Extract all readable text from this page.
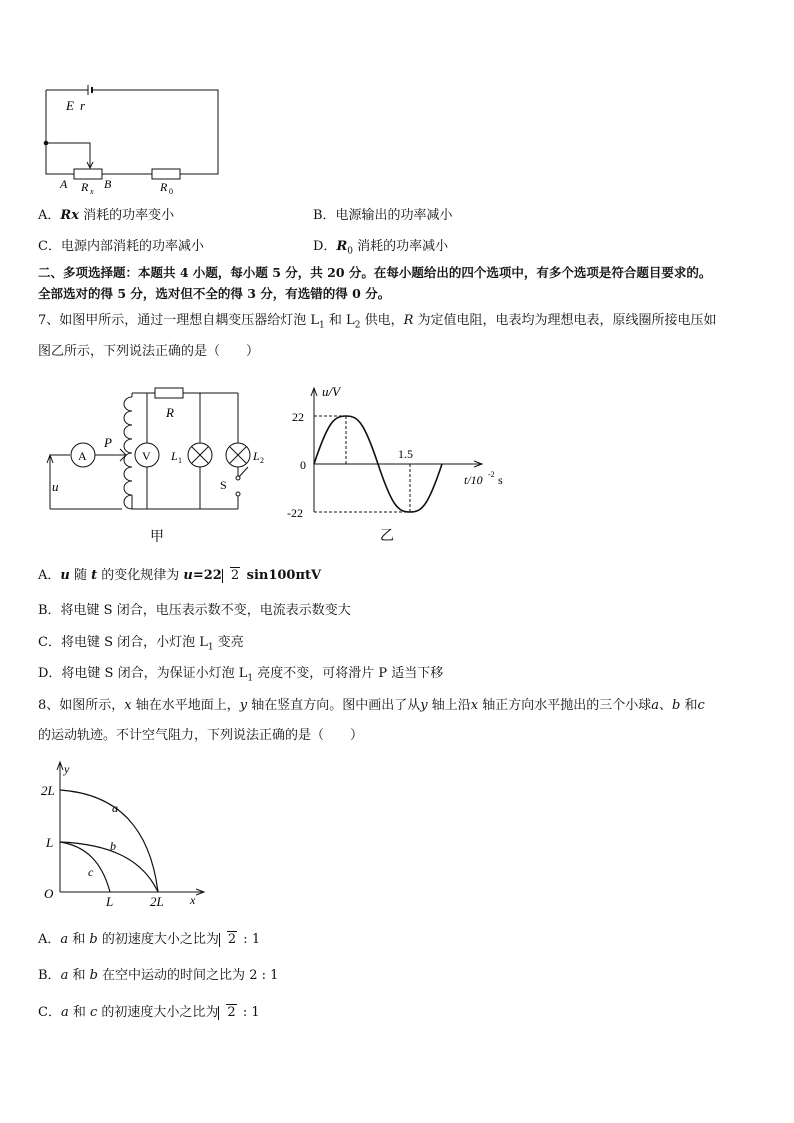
E r
A	B
R x	R 0
A．Rx 消耗的功率变小	B．电源输出的功率减小
C．电源内部消耗的功率减小	D．$R_0$ 消耗的功率减小
二、多项选择题：本题共 4 小题，每小题 5 分，共 20 分。在每小题给出的四个选项中，有多个选项是符合题目要求的。
全部选对的得 5 分，选对但不全的得 3 分，有选错的得 0 分。
7、如图甲所示，通过一理想自耦变压器给灯泡 $L_1$ 和 $L_2$ 供电，R 为定值电阻，电表均为理想电表，原线圈所接电压如
图乙所示，下列说法正确的是（　　）
A	V
R
P
L 1	L 2
S
u
甲
u/V
22
0
-22
1.5
t/10 -2 s
乙
A．u 随 t 的变化规律为 u=22 2 sin100πtV
B．将电键 S 闭合，电压表示数不变，电流表示数变大
C．将电键 S 闭合，小灯泡 $L_1$ 变亮
D．将电键 S 闭合，为保证小灯泡 $L_1$ 亮度不变，可将滑片 P 适当下移
8、如图所示，x 轴在水平地面上，y 轴在竖直方向。图中画出了从y 轴上沿x 轴正方向水平抛出的三个小球a、b 和c
的运动轨迹。不计空气阻力，下列说法正确的是（　　）
y
2L
L
O
L	2L x
a
b
c
A．a 和 b 的初速度大小之比为 2 : 1
B．a 和 b 在空中运动的时间之比为 2 : 1
C．a 和 c 的初速度大小之比为 2 : 1
